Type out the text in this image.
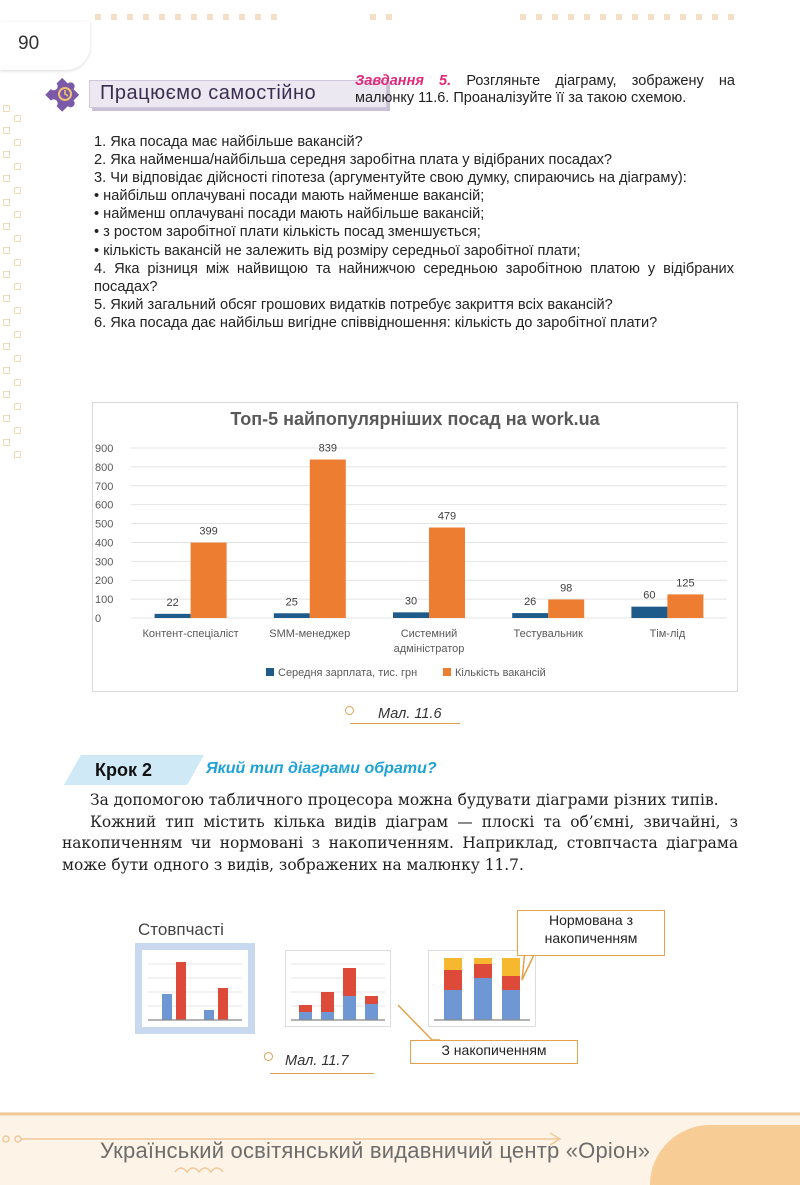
90
Працюємо самостійно
Завдання 5. Розгляньте діаграму, зображену на малюнку 11.6. Проаналізуйте її за такою схемою.

1. Яка посада має найбільше вакансій?

2. Яка найменша/найбільша середня заробітна плата у відібраних посадах?

3. Чи відповідає дійсності гіпотеза (аргументуйте свою думку, спираючись на діаграму):

• найбільш оплачувані посади мають найменше вакансій;

• найменш оплачувані посади мають найбільше вакансій;

• з ростом заробітної плати кількість посад зменшується;

• кількість вакансій не залежить від розміру середньої заробітної плати;

4. Яка різниця між найвищою та найнижчою середньою заробітною платою у відібраних посадах?

5. Який загальний обсяг грошових видатків потребує закриття всіх вакансій?

6. Яка посада дає найбільш вигідне співвідношення: кількість до заробітної плати?

Топ-5 найпопулярніших посад на work.ua
0
100
200
300
400
500
600
700
800
900
22
399
Контент-спеціаліст
25
839
SMM-менеджер
30
479
Системний
адміністратор
26
98
Тестувальник
60
125
Тім-лід
Середня зарплата, тис. грн	Кількість вакансій
Мал. 11.6
Крок 2	Який тип діаграми обрати?

За допомогою табличного процесора можна будувати діаграми різних типів.

Кожний тип містить кілька видів діаграм — плоскі та об’ємні, звичайні, з накопиченням чи нормовані з накопиченням. Наприклад, стовпчаста діаграма може бути одного з видів, зображених на малюнку 11.7.

Стовпчасті	Нормована з накопиченням
З накопиченням
Мал. 11.7
Український освітянський видавничий центр «Оріон»
